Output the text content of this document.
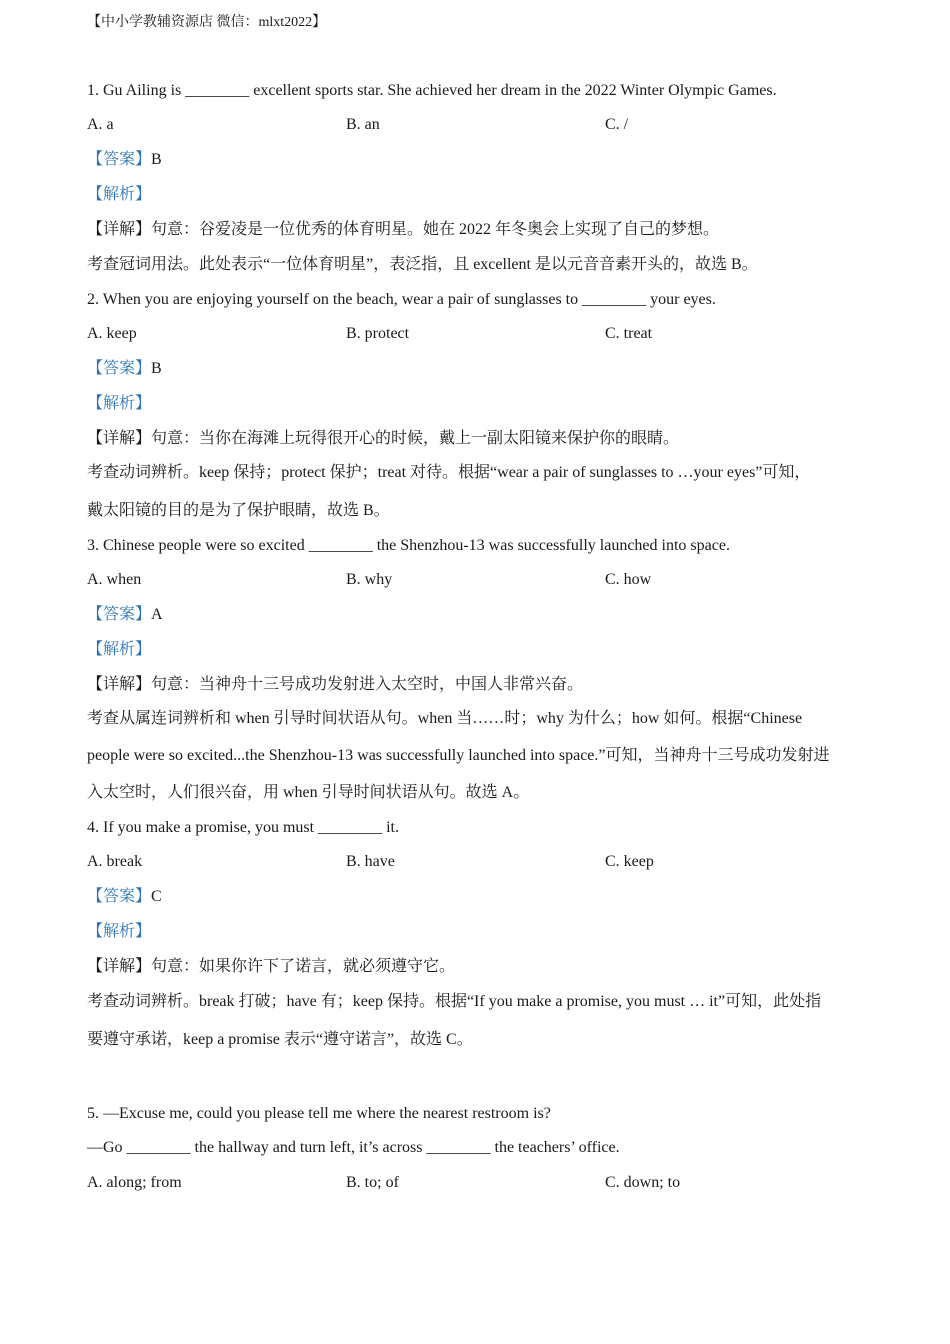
【中小学教辅资源店 微信：mlxt2022】
1. Gu Ailing is ________ excellent sports star. She achieved her dream in the 2022 Winter Olympic Games.
A. a	B. an	C. /
【答案】B
【解析】
【详解】句意：谷爱凌是一位优秀的体育明星。她在 2022 年冬奥会上实现了自己的梦想。
考查冠词用法。此处表示“一位体育明星”，表泛指，且 excellent 是以元音音素开头的，故选 B。
2. When you are enjoying yourself on the beach, wear a pair of sunglasses to ________ your eyes.
A. keep	B. protect	C. treat
【答案】B
【解析】
【详解】句意：当你在海滩上玩得很开心的时候，戴上一副太阳镜来保护你的眼睛。
考查动词辨析。keep 保持；protect 保护；treat 对待。根据“wear a pair of sunglasses to …your eyes”可知，
戴太阳镜的目的是为了保护眼睛，故选 B。
3. Chinese people were so excited ________ the Shenzhou-13 was successfully launched into space.
A. when	B. why	C. how
【答案】A
【解析】
【详解】句意：当神舟十三号成功发射进入太空时，中国人非常兴奋。
考查从属连词辨析和 when 引导时间状语从句。when 当……时；why 为什么；how 如何。根据“Chinese
people were so excited...the Shenzhou-13 was successfully launched into space.”可知，当神舟十三号成功发射进
入太空时，人们很兴奋，用 when 引导时间状语从句。故选 A。
4. If you make a promise, you must ________ it.
A. break	B. have	C. keep
【答案】C
【解析】
【详解】句意：如果你许下了诺言，就必须遵守它。
考查动词辨析。break 打破；have 有；keep 保持。根据“If you make a promise, you must … it”可知，此处指
要遵守承诺，keep a promise 表示“遵守诺言”，故选 C。
5. —Excuse me, could you please tell me where the nearest restroom is?
—Go ________ the hallway and turn left, it’s across ________ the teachers’ office.
A. along; from	B. to; of	C. down; to
